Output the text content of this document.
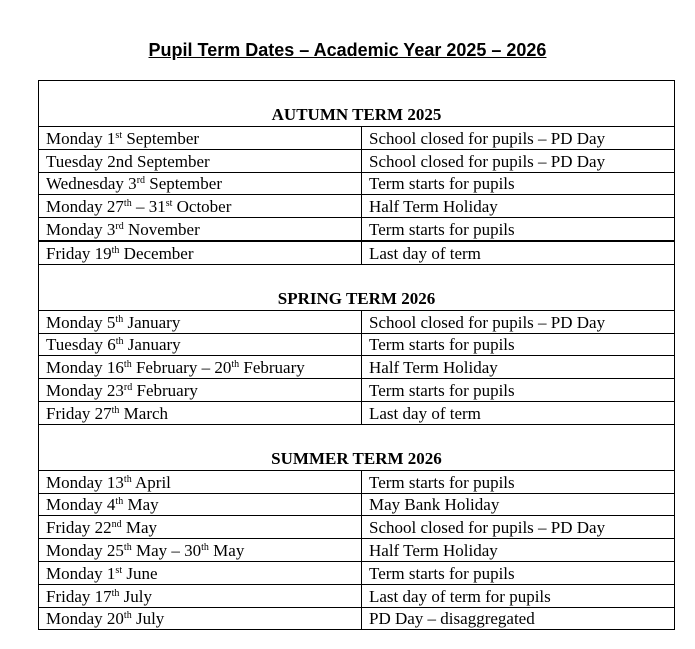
Pupil Term Dates – Academic Year 2025 – 2026
AUTUMN TERM 2025	
Monday 1st September	School closed for pupils – PD Day
Tuesday 2nd September	School closed for pupils – PD Day
Wednesday 3rd September	Term starts for pupils
Monday 27th – 31st October	Half Term Holiday
Monday 3rd November	Term starts for pupils
Friday 19th December	Last day of term
SPRING TERM 2026	
Monday 5th January	School closed for pupils – PD Day
Tuesday 6th January	Term starts for pupils
Monday 16th February – 20th February	Half Term Holiday
Monday 23rd February	Term starts for pupils
Friday 27th March	Last day of term
SUMMER TERM 2026	
Monday 13th April	Term starts for pupils
Monday 4th May	May Bank Holiday
Friday 22nd May	School closed for pupils – PD Day
Monday 25th May – 30th May	Half Term Holiday
Monday 1st June	Term starts for pupils
Friday 17th July	Last day of term for pupils
Monday 20th July	PD Day – disaggregated
